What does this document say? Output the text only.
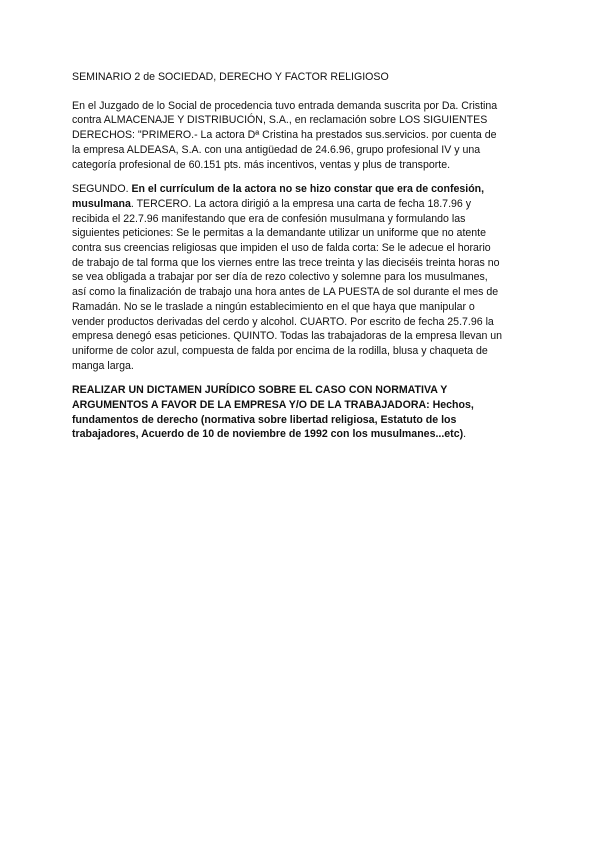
SEMINARIO 2 de SOCIEDAD, DERECHO Y FACTOR RELIGIOSO

En el Juzgado de lo Social de procedencia tuvo entrada demanda suscrita por Da. Cristina contra ALMACENAJE Y DISTRIBUCIÓN, S.A., en reclamación sobre LOS SIGUIENTES DERECHOS: "PRIMERO.- La actora Dª Cristina ha prestados sus.servicios. por cuenta de la empresa ALDEASA, S.A. con una antigüedad de 24.6.96, grupo profesional IV y una categoría profesional de 60.151 pts. más incentivos, ventas y plus de transporte.

SEGUNDO. En el currículum de la actora no se hizo constar que era de confesión, musulmana. TERCERO. La actora dirigió a la empresa una carta de fecha 18.7.96 y recibida el 22.7.96 manifestando que era de confesión musulmana y formulando las siguientes peticiones: Se le permitas a la demandante utilizar un uniforme que no atente contra sus creencias religiosas que impiden el uso de falda corta: Se le adecue el horario de trabajo de tal forma que los viernes entre las trece treinta y las dieciséis treinta horas no se vea obligada a trabajar por ser día de rezo colectivo y solemne para los musulmanes, así como la finalización de trabajo una hora antes de LA PUESTA de sol durante el mes de Ramadán. No se le traslade a ningún establecimiento en el que haya que manipular o vender productos derivadas del cerdo y alcohol. CUARTO. Por escrito de fecha 25.7.96 la empresa denegó esas peticiones. QUINTO. Todas las trabajadoras de la empresa llevan un uniforme de color azul, compuesta de falda por encima de la rodilla, blusa y chaqueta de manga larga.

REALIZAR UN DICTAMEN JURÍDICO SOBRE EL CASO CON NORMATIVA Y ARGUMENTOS A FAVOR DE LA EMPRESA Y/O DE LA TRABAJADORA: Hechos, fundamentos de derecho (normativa sobre libertad religiosa, Estatuto de los trabajadores, Acuerdo de 10 de noviembre de 1992 con los musulmanes...etc).
